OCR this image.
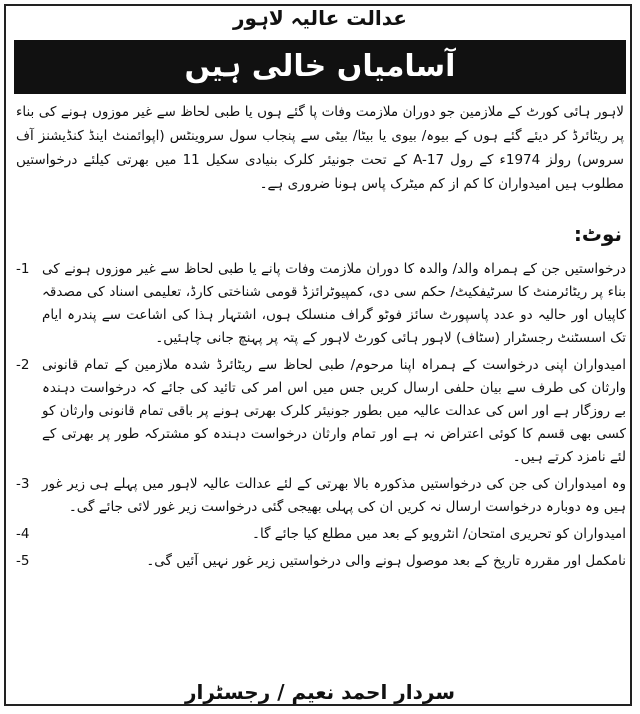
عدالت عالیہ لاہور
آسامیاں خالی ہیں
لاہور ہائی کورٹ کے ملازمین جو دوران ملازمت وفات پا گئے ہوں یا طبی لحاظ سے غیر موزوں ہونے کی بناء پر ریٹائرڈ کر دیئے گئے ہوں کے بیوہ/ بیوی یا بیٹا/ بیٹی سے پنجاب سول سروینٹس (اپوائمنٹ اینڈ کنڈیشنز آف سروس) رولز 1974ء کے رول A-17 کے تحت جونیئر کلرک بنیادی سکیل 11 میں بھرتی کیلئے درخواستیں مطلوب ہیں امیدواران کا کم از کم میٹرک پاس ہونا ضروری ہے۔
نوٹ:
درخواستیں جن کے ہمراہ والد/ والدہ کا دوران ملازمت وفات پانے یا طبی لحاظ سے غیر موزوں ہونے کی بناء پر ریٹائرمنٹ کا سرٹیفکیٹ/ حکم سی دی، کمپیوٹرائزڈ قومی شناختی کارڈ، تعلیمی اسناد کی مصدقہ کاپیاں اور حالیہ دو عدد پاسپورٹ سائز فوٹو گراف منسلک ہوں، اشتہار ہذا کی اشاعت سے پندرہ ایام تک اسسٹنٹ رجسٹرار (سٹاف) لاہور ہائی کورٹ لاہور کے پتہ پر پہنچ جانی چاہئیں۔
-1
امیدواران اپنی درخواست کے ہمراہ اپنا مرحوم/ طبی لحاظ سے ریٹائرڈ شدہ ملازمین کے تمام قانونی وارثان کی طرف سے بیان حلفی ارسال کریں جس میں اس امر کی تائید کی جائے کہ درخواست دہندہ بے روزگار ہے اور اس کی عدالت عالیہ میں بطور جونیئر کلرک بھرتی ہونے پر باقی تمام قانونی وارثان کو کسی بھی قسم کا کوئی اعتراض نہ ہے اور تمام وارثان درخواست دہندہ کو مشترکہ طور پر بھرتی کے لئے نامزد کرتے ہیں۔
-2
وہ امیدواران کی جن کی درخواستیں مذکورہ بالا بھرتی کے لئے عدالت عالیہ لاہور میں پہلے ہی زیر غور ہیں وہ دوبارہ درخواست ارسال نہ کریں ان کی پہلی بھیجی گئی درخواست زیر غور لائی جائے گی۔
-3
امیدواران کو تحریری امتحان/ انٹرویو کے بعد میں مطلع کیا جائے گا۔
-4
نامکمل اور مقررہ تاریخ کے بعد موصول ہونے والی درخواستیں زیر غور نہیں آئیں گی۔
-5
سردار احمد نعیم / رجسٹرار
